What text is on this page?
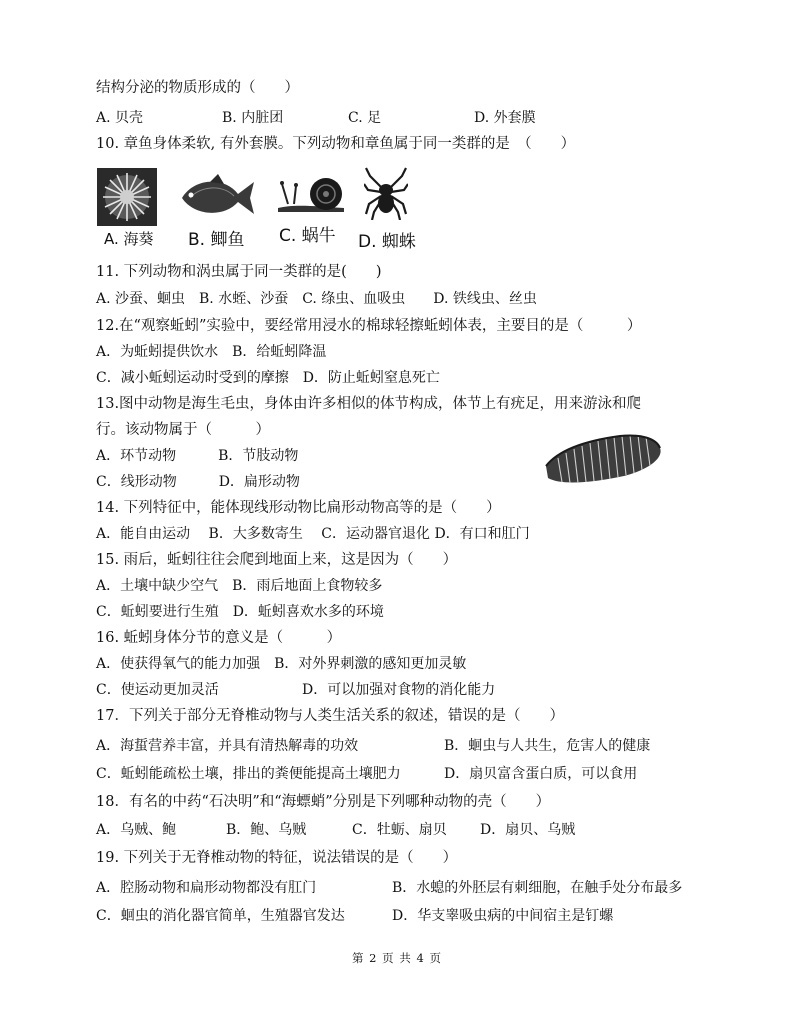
结构分泌的物质形成的（　　）
A. 贝壳	B. 内脏团	C. 足	D. 外套膜
10. 章鱼身体柔软, 有外套膜。下列动物和章鱼属于同一类群的是　（　　）
A. 海葵 B. 鲫鱼 C. 蜗牛 D. 蜘蛛
11. 下列动物和涡虫属于同一类群的是(　　)
A. 沙蚕、蛔虫　B. 水蛭、沙蚕　C. 绦虫、血吸虫　　D. 铁线虫、丝虫
12.在“观察蚯蚓”实验中，要经常用浸水的棉球轻擦蚯蚓体表，主要目的是（　　　）
A．为蚯蚓提供饮水　B．给蚯蚓降温
C．减小蚯蚓运动时受到的摩擦　D．防止蚯蚓窒息死亡
13.图中动物是海生毛虫，身体由许多相似的体节构成，体节上有疣足，用来游泳和爬
行。该动物属于（　　　）
A．环节动物　　　B．节肢动物
C．线形动物　　　D．扁形动物
14. 下列特征中，能体现线形动物比扁形动物高等的是（　　）
A．能自由运动　 B．大多数寄生　 C．运动器官退化 D．有口和肛门
15. 雨后，蚯蚓往往会爬到地面上来，这是因为（　　）
A．土壤中缺少空气　B．雨后地面上食物较多
C．蚯蚓要进行生殖　D．蚯蚓喜欢水多的环境
16. 蚯蚓身体分节的意义是（　　　）
A．使获得氧气的能力加强　B．对外界刺激的感知更加灵敏
C．使运动更加灵活	D．可以加强对食物的消化能力
17．下列关于部分无脊椎动物与人类生活关系的叙述，错误的是（　　）
A．海蜇营养丰富，并具有清热解毒的功效	B．蛔虫与人共生，危害人的健康
C．蚯蚓能疏松土壤，排出的粪便能提高土壤肥力	D．扇贝富含蛋白质，可以食用
18．有名的中药“石决明”和“海螵蛸”分别是下列哪种动物的壳（　　）
A．乌贼、鲍	B．鲍、乌贼	C．牡蛎、扇贝 D．扇贝、乌贼
19. 下列关于无脊椎动物的特征，说法错误的是（　　）
A．腔肠动物和扁形动物都没有肛门	B．水螅的外胚层有刺细胞，在触手处分布最多
C．蛔虫的消化器官简单，生殖器官发达	D．华支睾吸虫病的中间宿主是钉螺
第 2 页 共 4 页
